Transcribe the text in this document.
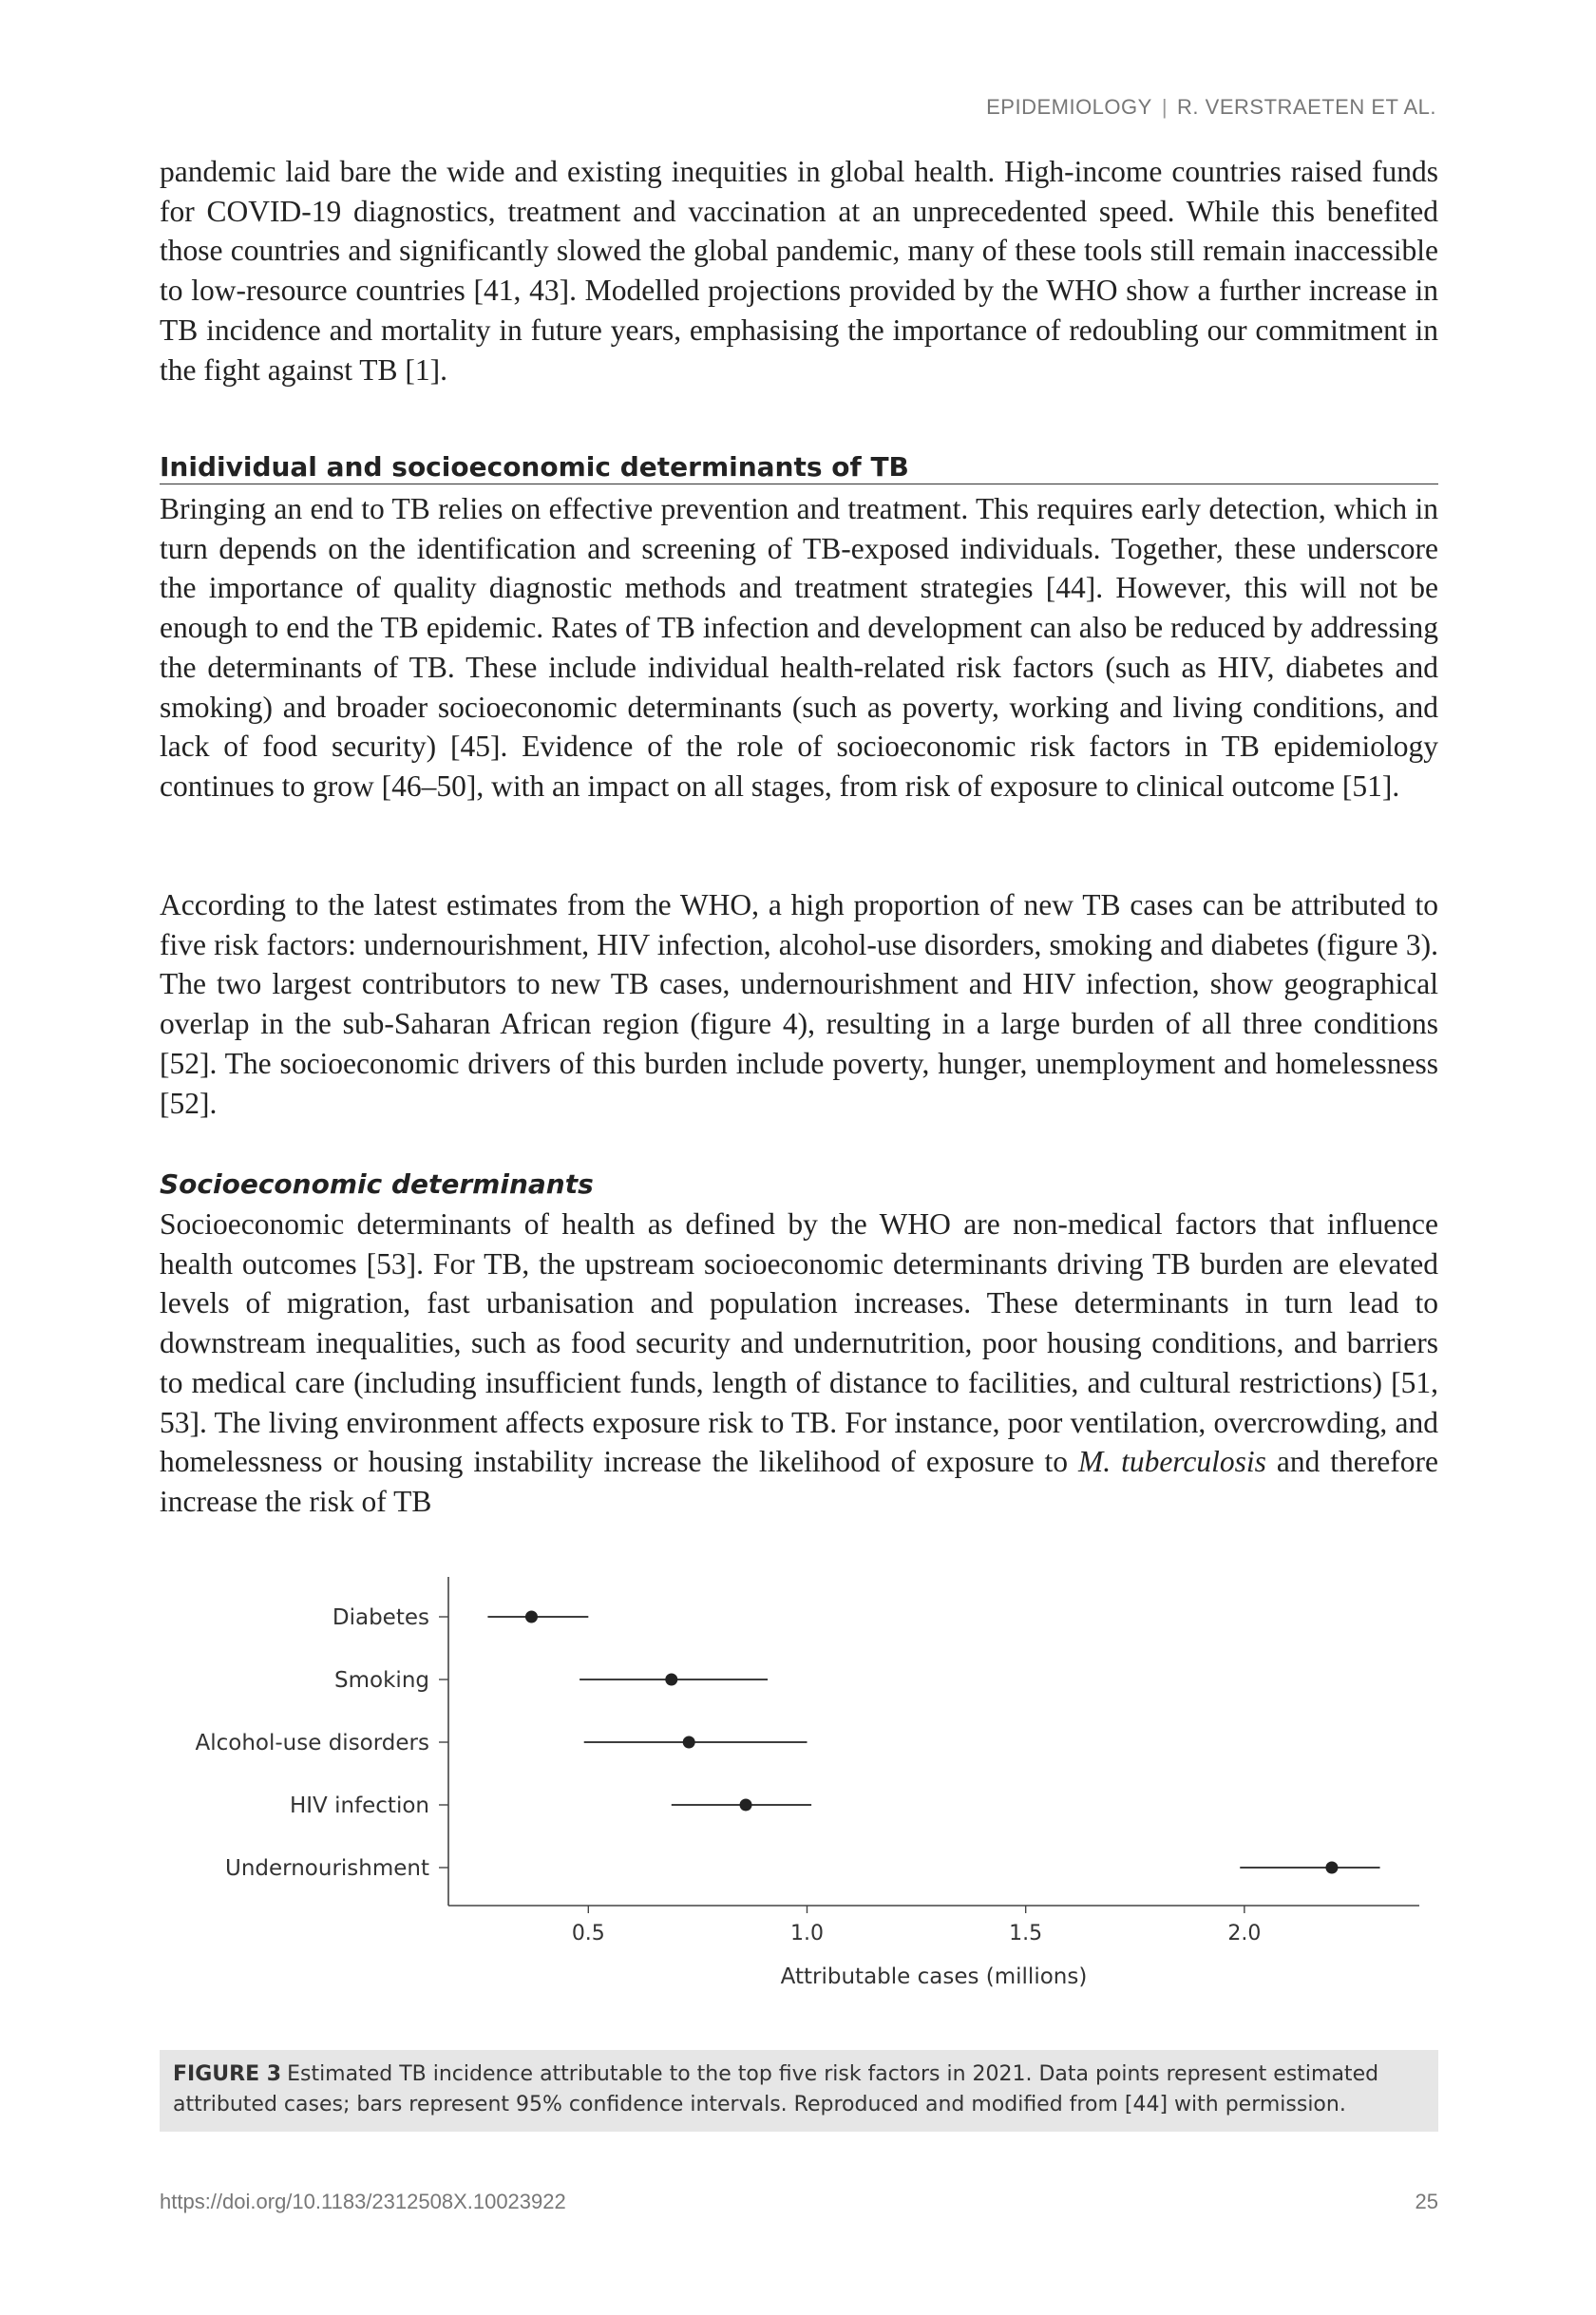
EPIDEMIOLOGY | R. VERSTRAETEN ET AL.

pandemic laid bare the wide and existing inequities in global health. High-income countries raised funds for COVID-19 diagnostics, treatment and vaccination at an unprecedented speed. While this benefited those countries and significantly slowed the global pandemic, many of these tools still remain inaccessible to low-resource countries [41, 43]. Modelled projections provided by the WHO show a further increase in TB incidence and mortality in future years, emphasising the importance of redoubling our commitment in the fight against TB [1].

Inidividual and socioeconomic determinants of TB

Bringing an end to TB relies on effective prevention and treatment. This requires early detection, which in turn depends on the identification and screening of TB-exposed individuals. Together, these underscore the importance of quality diagnostic methods and treatment strategies [44]. However, this will not be enough to end the TB epidemic. Rates of TB infection and development can also be reduced by addressing the determinants of TB. These include individual health-related risk factors (such as HIV, diabetes and smoking) and broader socioeconomic determinants (such as poverty, working and living conditions, and lack of food security) [45]. Evidence of the role of socioeconomic risk factors in TB epidemiology continues to grow [46–50], with an impact on all stages, from risk of exposure to clinical outcome [51].

According to the latest estimates from the WHO, a high proportion of new TB cases can be attributed to five risk factors: undernourishment, HIV infection, alcohol-use disorders, smoking and diabetes (figure 3). The two largest contributors to new TB cases, undernourishment and HIV infection, show geographical overlap in the sub-Saharan African region (figure 4), resulting in a large burden of all three conditions [52]. The socioeconomic drivers of this burden include poverty, hunger, unemployment and homelessness [52].

Socioeconomic determinants

Socioeconomic determinants of health as defined by the WHO are non-medical factors that influence health outcomes [53]. For TB, the upstream socioeconomic determinants driving TB burden are elevated levels of migration, fast urbanisation and population increases. These determinants in turn lead to downstream inequalities, such as food security and undernutrition, poor housing conditions, and barriers to medical care (including insufficient funds, length of distance to facilities, and cultural restrictions) [51, 53]. The living environment affects exposure risk to TB. For instance, poor ventilation, overcrowding, and homelessness or housing instability increase the likelihood of exposure to M. tuberculosis and therefore increase the risk of TB

0.5	1.0	1.5	2.0
Diabetes
Smoking
Alcohol-use disorders
HIV infection
Undernourishment
Attributable cases (millions)
FIGURE 3 Estimated TB incidence attributable to the top five risk factors in 2021. Data points represent estimated attributed cases; bars represent 95% confidence intervals. Reproduced and modified from [44] with permission.
https://doi.org/10.1183/2312508X.10023922	25
